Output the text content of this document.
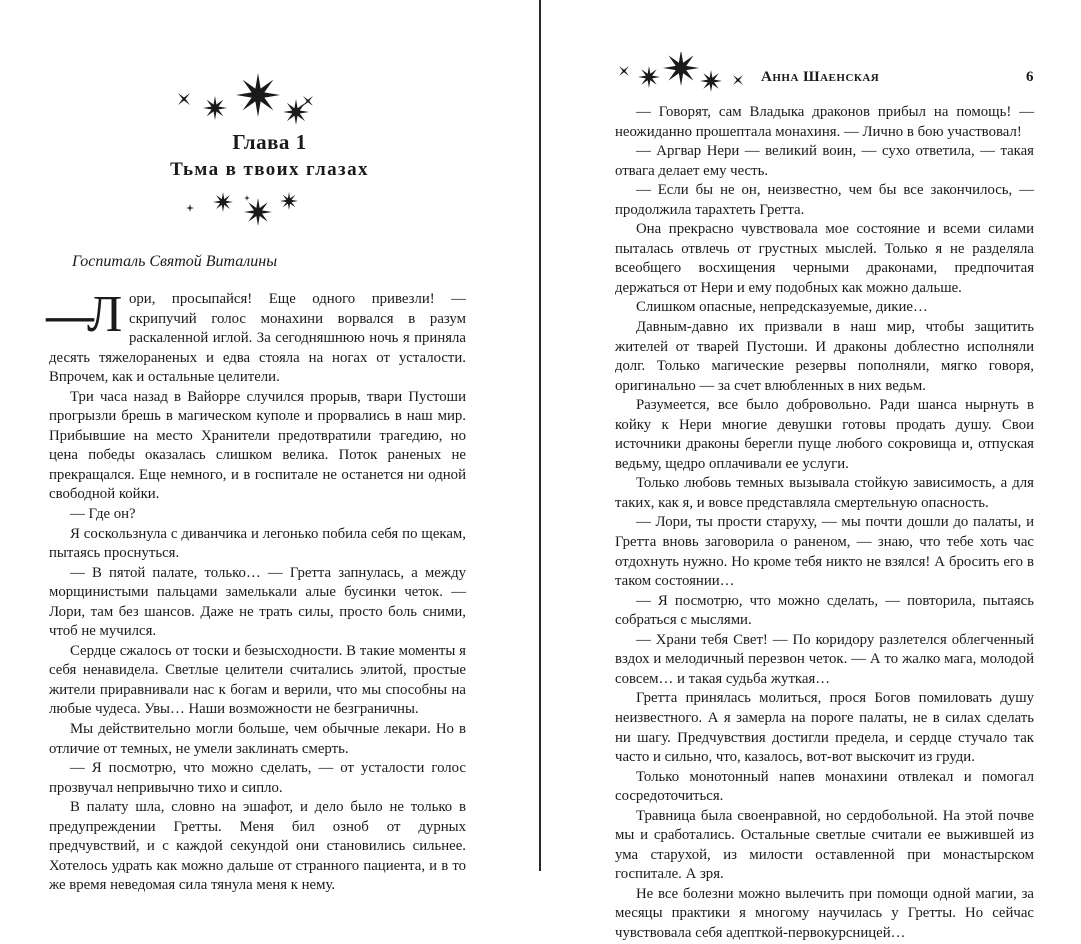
Глава 1
Тьма в твоих глазах

Госпиталь Святой Виталины

—
Л ори, просыпайся! Еще одного привезли! — скрипучий голос монахини ворвался в разум раскаленной иглой. За сегодняшнюю ночь я приняла десять тяжелораненых и едва стояла на ногах от усталости. Впрочем, как и остальные целители.

Три часа назад в Вайорре случился прорыв, твари Пустоши прогрызли брешь в магическом куполе и прорвались в наш мир. Прибывшие на место Хранители предотвратили трагедию, но цена победы оказалась слишком велика. Поток раненых не прекращался. Еще немного, и в госпитале не останется ни одной свободной койки.

— Где он?

Я соскользнула с диванчика и легонько побила себя по щекам, пытаясь проснуться.

— В пятой палате, только… — Гретта запнулась, а между морщинистыми пальцами замелькали алые бусинки четок. — Лори, там без шансов. Даже не трать силы, просто боль сними, чтоб не мучился.

Сердце сжалось от тоски и безысходности. В такие моменты я себя ненавидела. Светлые целители считались элитой, простые жители приравнивали нас к богам и верили, что мы способны на любые чудеса. Увы… Наши возможности не безграничны.

Мы действительно могли больше, чем обычные лекари. Но в отличие от темных, не умели заклинать смерть.

— Я посмотрю, что можно сделать, — от усталости голос прозвучал непривычно тихо и сипло.

В палату шла, словно на эшафот, и дело было не только в предупреждении Гретты. Меня бил озноб от дурных предчувствий, и с каждой секундой они становились сильнее. Хотелось удрать как можно дальше от странного пациента, и в то же время неведомая сила тянула меня к нему.

Анна Шаенская	6

— Говорят, сам Владыка драконов прибыл на помощь! — неожиданно прошептала монахиня. — Лично в бою участвовал!

— Аргвар Нери — великий воин, — сухо ответила, — такая отвага делает ему честь.

— Если бы не он, неизвестно, чем бы все закончилось, — продолжила тарахтеть Гретта.

Она прекрасно чувствовала мое состояние и всеми силами пыталась отвлечь от грустных мыслей. Только я не разделяла всеобщего восхищения черными драконами, предпочитая держаться от Нери и ему подобных как можно дальше.

Слишком опасные, непредсказуемые, дикие…

Давным-давно их призвали в наш мир, чтобы защитить жителей от тварей Пустоши. И драконы доблестно исполняли долг. Только магические резервы пополняли, мягко говоря, оригинально — за счет влюбленных в них ведьм.

Разумеется, все было добровольно. Ради шанса нырнуть в койку к Нери многие девушки готовы продать душу. Свои источники драконы берегли пуще любого сокровища и, отпуская ведьму, щедро оплачивали ее услуги.

Только любовь темных вызывала стойкую зависимость, а для таких, как я, и вовсе представляла смертельную опасность.

— Лори, ты прости старуху, — мы почти дошли до палаты, и Гретта вновь заговорила о раненом, — знаю, что тебе хоть час отдохнуть нужно. Но кроме тебя никто не взялся! А бросить его в таком состоянии…

— Я посмотрю, что можно сделать, — повторила, пытаясь собраться с мыслями.

— Храни тебя Свет! — По коридору разлетелся облегченный вздох и мелодичный перезвон четок. — А то жалко мага, молодой совсем… и такая судьба жуткая…

Гретта принялась молиться, прося Богов помиловать душу неизвестного. А я замерла на пороге палаты, не в силах сделать ни шагу. Предчувствия достигли предела, и сердце стучало так часто и сильно, что, казалось, вот-вот выскочит из груди.

Только монотонный напев монахини отвлекал и помогал сосредоточиться.

Травница была своенравной, но сердобольной. На этой почве мы и сработались. Остальные светлые считали ее выжившей из ума старухой, из милости оставленной при монастырском госпитале. А зря.

Не все болезни можно вылечить при помощи одной магии, за месяцы практики я многому научилась у Гретты. Но сейчас чувствовала себя адепткой-первокурсницей…
